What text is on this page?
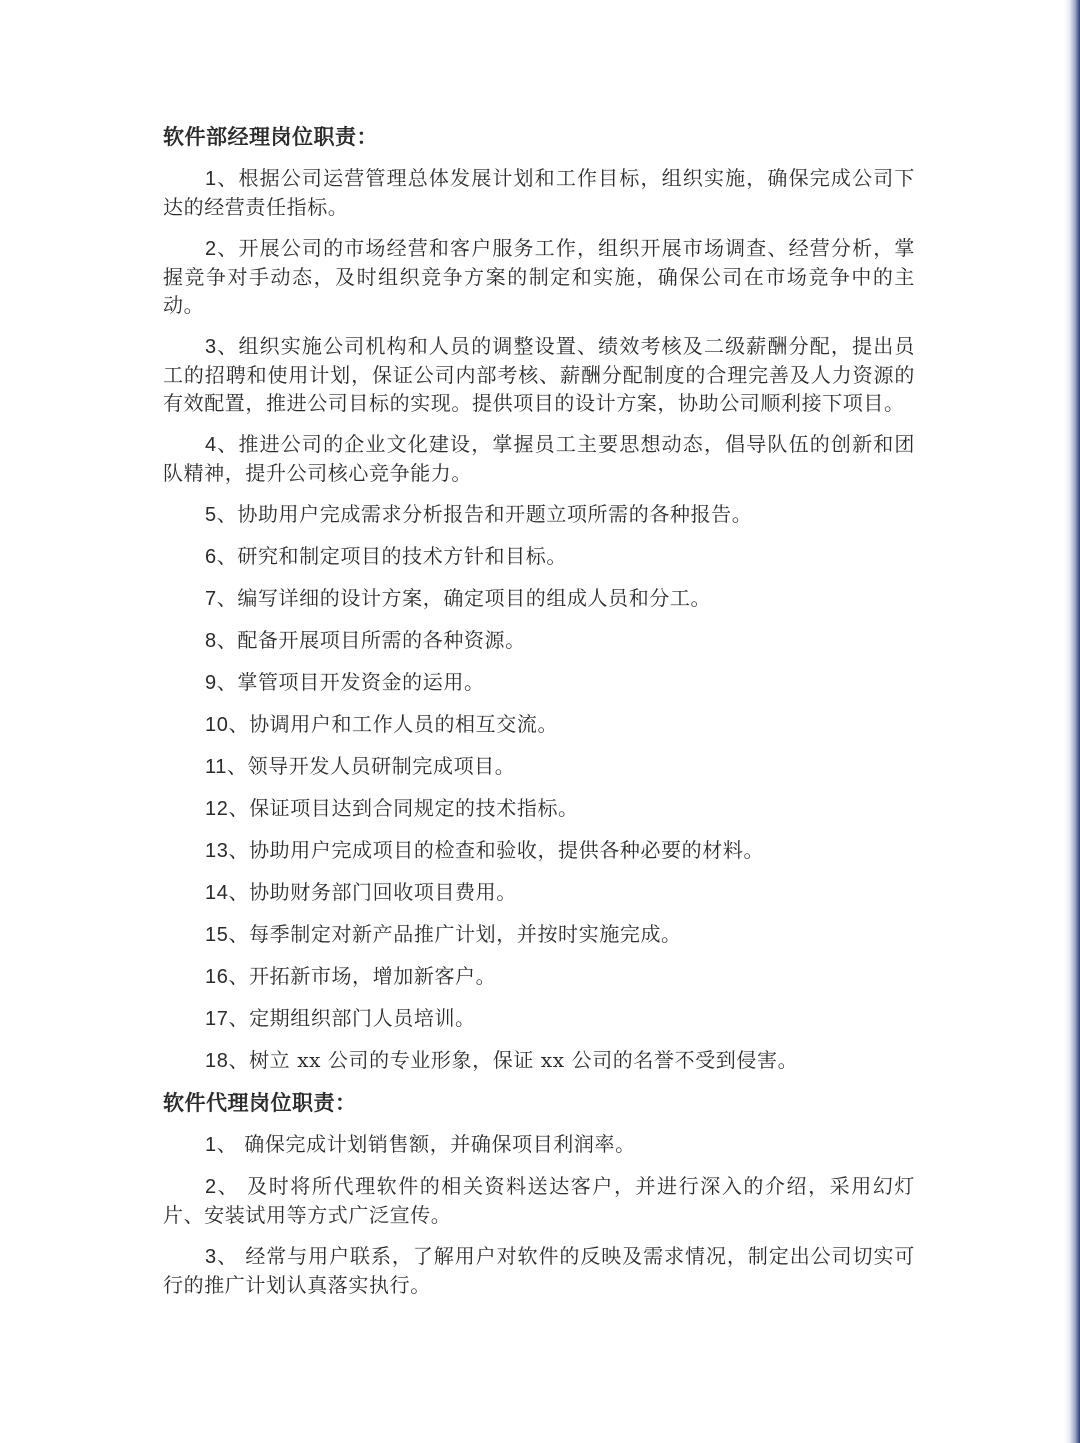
软件部经理岗位职责：

1、根据公司运营管理总体发展计划和工作目标，组织实施，确保完成公司下达的经营责任指标。

2、开展公司的市场经营和客户服务工作，组织开展市场调查、经营分析，掌握竞争对手动态，及时组织竞争方案的制定和实施，确保公司在市场竞争中的主动。

3、组织实施公司机构和人员的调整设置、绩效考核及二级薪酬分配，提出员工的招聘和使用计划，保证公司内部考核、薪酬分配制度的合理完善及人力资源的有效配置，推进公司目标的实现。提供项目的设计方案，协助公司顺利接下项目。

4、推进公司的企业文化建设，掌握员工主要思想动态，倡导队伍的创新和团队精神，提升公司核心竞争能力。

5、协助用户完成需求分析报告和开题立项所需的各种报告。

6、研究和制定项目的技术方针和目标。

7、编写详细的设计方案，确定项目的组成人员和分工。

8、配备开展项目所需的各种资源。

9、掌管项目开发资金的运用。

10、协调用户和工作人员的相互交流。

11、领导开发人员研制完成项目。

12、保证项目达到合同规定的技术指标。

13、协助用户完成项目的检查和验收，提供各种必要的材料。

14、协助财务部门回收项目费用。

15、每季制定对新产品推广计划，并按时实施完成。

16、开拓新市场，增加新客户。

17、定期组织部门人员培训。

18、树立 xx 公司的专业形象，保证 xx 公司的名誉不受到侵害。

软件代理岗位职责：

1、 确保完成计划销售额，并确保项目利润率。

2、 及时将所代理软件的相关资料送达客户，并进行深入的介绍，采用幻灯片、安装试用等方式广泛宣传。

3、 经常与用户联系，了解用户对软件的反映及需求情况，制定出公司切实可行的推广计划认真落实执行。
